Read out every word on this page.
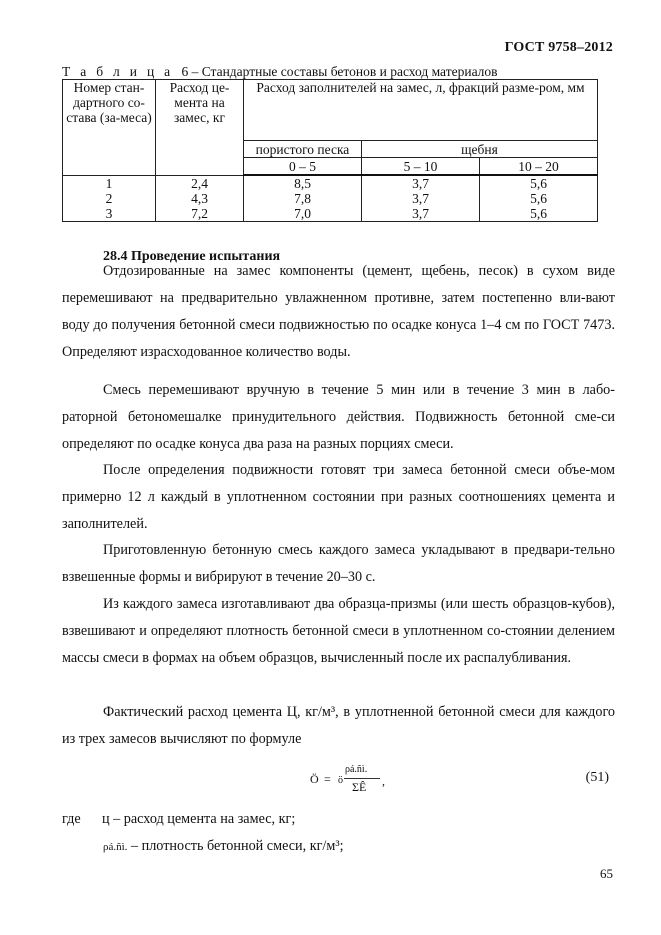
ГОСТ 9758–2012
Т а б л и ц а 6 – Стандартные составы бетонов и расход материалов
Номер стан-дартного со-става (за-меса)	Расход це-мента на замес, кг	Расход заполнителей на замес, л, фракций разме-ром, мм		
		пористого песка	щебня	
		0 – 5	5 – 10	10 – 20
1	2,4	8,5	3,7	5,6
2	4,3	7,8	3,7	5,6
3	7,2	7,0	3,7	5,6
28.4 Проведение испытания

Отдозированные на замес компоненты (цемент, щебень, песок) в сухом виде перемешивают на предварительно увлажненном противне, затем постепенно вли-вают воду до получения бетонной смеси подвижностью по осадке конуса 1–4 см по ГОСТ 7473. Определяют израсходованное количество воды.

Смесь перемешивают вручную в течение 5 мин или в течение 3 мин в лабо-раторной бетономешалке принудительного действия. Подвижность бетонной сме-си определяют по осадке конуса два раза на разных порциях смеси.

После определения подвижности готовят три замеса бетонной смеси объе-мом примерно 12 л каждый в уплотненном состоянии при разных соотношениях цемента и заполнителей.

Приготовленную бетонную смесь каждого замеса укладывают в предвари-тельно взвешенные формы и вибрируют в течение 20–30 с.

Из каждого замеса изготавливают два образца-призмы (или шесть образцов-кубов), взвешивают и определяют плотность бетонной смеси в уплотненном со-стоянии делением массы смеси в формах на объем образцов, вычисленный после их распалубливания.

Фактический расход цемента Ц, кг/м³, в уплотненной бетонной смеси для каждого из трех замесов вычисляют по формуле

Ö = ö
ρá.ñì.
ΣÊ ,	(51)
где ц – расход цемента на замес, кг;
ρá.ñì. – плотность бетонной смеси, кг/м³;
65
